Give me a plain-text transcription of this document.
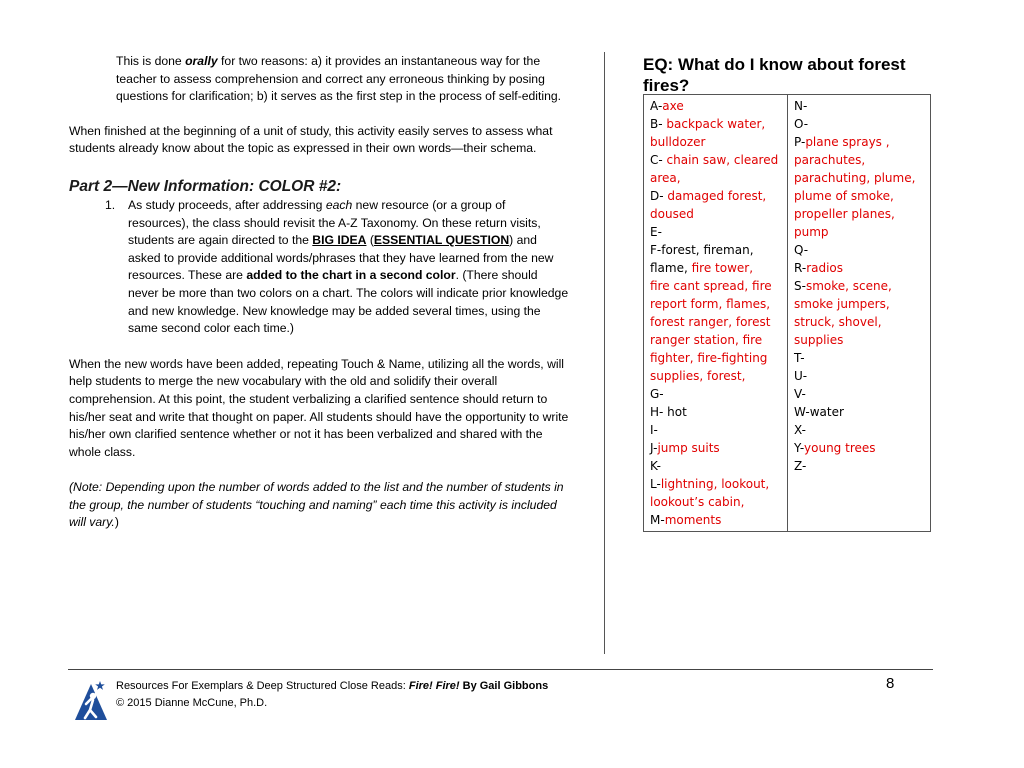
This is done orally for two reasons: a) it provides an instantaneous way for the teacher to assess comprehension and correct any erroneous thinking by posing questions for clarification; b) it serves as the first step in the process of self-editing.

When finished at the beginning of a unit of study, this activity easily serves to assess what students already know about the topic as expressed in their own words—their schema.

Part 2—New Information: COLOR #2:

1. As study proceeds, after addressing each new resource (or a group of resources), the class should revisit the A-Z Taxonomy. On these return visits, students are again directed to the BIG IDEA (ESSENTIAL QUESTION) and asked to provide additional words/phrases that they have learned from the new resources. These are added to the chart in a second color. (There should never be more than two colors on a chart. The colors will indicate prior knowledge and new knowledge. New knowledge may be added several times, using the same second color each time.)

When the new words have been added, repeating Touch & Name, utilizing all the words, will help students to merge the new vocabulary with the old and solidify their overall comprehension. At this point, the student verbalizing a clarified sentence should return to his/her seat and write that thought on paper. All students should have the opportunity to write his/her own clarified sentence whether or not it has been verbalized and shared with the whole class.

(Note: Depending upon the number of words added to the list and the number of students in the group, the number of students “touching and naming” each time this activity is included will vary.)

EQ: What do I know about forest fires?
A-axe
B- backpack water,
bulldozer
C- chain saw, cleared
area,
D- damaged forest,
doused
E-
F-forest, fireman,
flame, fire tower,
fire cant spread, fire
report form, flames,
forest ranger, forest
ranger station, fire
fighter, fire-fighting
supplies, forest,
G-
H- hot
I-
J-jump suits
K-
L-lightning, lookout,
lookout’s cabin,
M-moments

N-
O-
P-plane sprays ,
parachutes,
parachuting, plume,
plume of smoke,
propeller planes,
pump
Q-
R-radios
S-smoke, scene,
smoke jumpers,
struck, shovel,
supplies
T-
U-
V-
W-water
X-
Y-young trees
Z-
Resources For Exemplars & Deep Structured Close Reads: Fire! Fire! By Gail Gibbons
© 2015 Dianne McCune, Ph.D.
8
